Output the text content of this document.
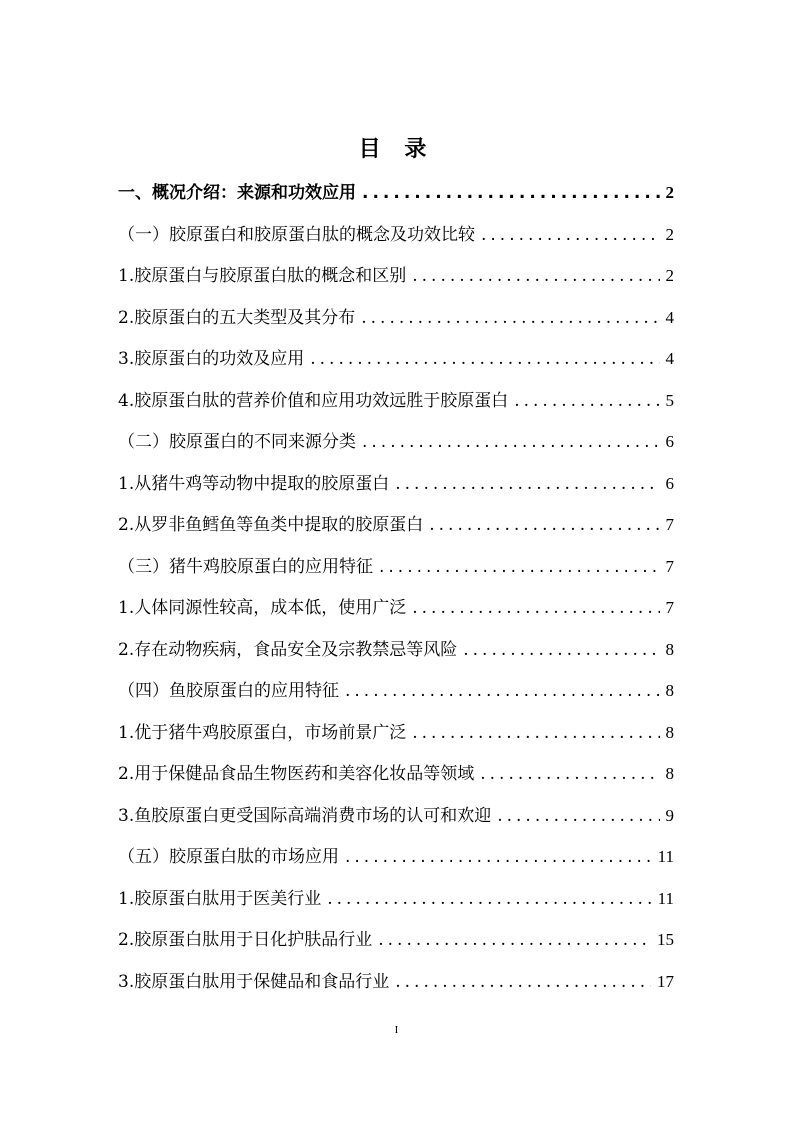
目 录
一、概况介绍：来源和功效应用 .....	2
（一）胶原蛋白和胶原蛋白肽的概念及功效比较 .....	2
1.胶原蛋白与胶原蛋白肽的概念和区别 .....	2
2.胶原蛋白的五大类型及其分布 .....	4
3.胶原蛋白的功效及应用 .....	4
4.胶原蛋白肽的营养价值和应用功效远胜于胶原蛋白 .....	5
（二）胶原蛋白的不同来源分类 .....	6
1.从猪牛鸡等动物中提取的胶原蛋白 .....	6
2.从罗非鱼鳕鱼等鱼类中提取的胶原蛋白 .....	7
（三）猪牛鸡胶原蛋白的应用特征 .....	7
1.人体同源性较高，成本低，使用广泛 .....	7
2.存在动物疾病，食品安全及宗教禁忌等风险 .....	8
（四）鱼胶原蛋白的应用特征 .....	8
1.优于猪牛鸡胶原蛋白，市场前景广泛 .....	8
2.用于保健品食品生物医药和美容化妆品等领域 .....	8
3.鱼胶原蛋白更受国际高端消费市场的认可和欢迎 .....	9
（五）胶原蛋白肽的市场应用 .....	11
1.胶原蛋白肽用于医美行业 .....	11
2.胶原蛋白肽用于日化护肤品行业 .....	15
3.胶原蛋白肽用于保健品和食品行业 .....	17
I
